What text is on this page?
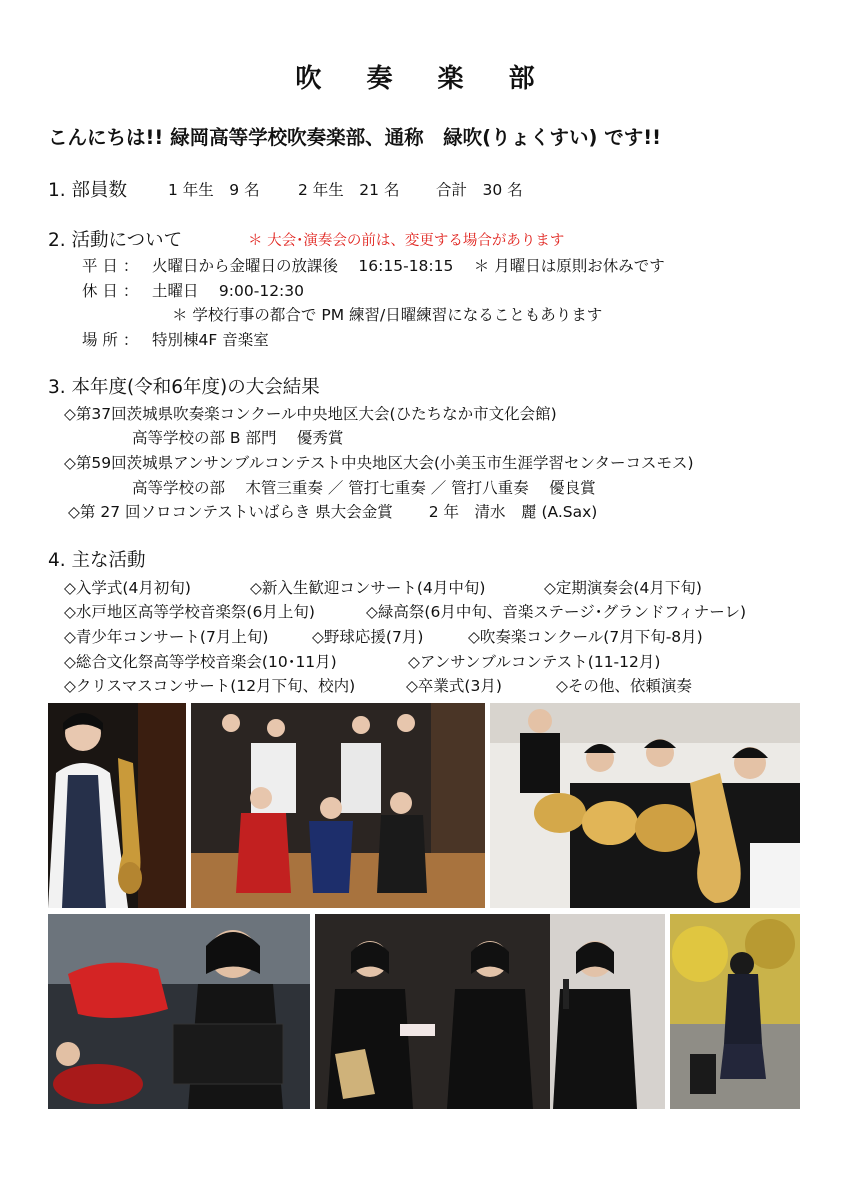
吹 奏 楽 部
こんにちは!! 緑岡高等学校吹奏楽部、通称　緑吹(りょくすい) です!!
1. 部員数	1 年生　9 名 2 年生　21 名 合計　30 名
2. 活動について	＊ 大会･演奏会の前は、変更する場合があります
平 日 ： 火曜日から金曜日の放課後　 16:15-18:15　 ＊ 月曜日は原則お休みです
休 日 ： 土曜日　 9:00-12:30
＊ 学校行事の都合で PM 練習/日曜練習になることもあります
場 所 ： 特別棟4F 音楽室
3. 本年度(令和6年度)の大会結果
◇第37回茨城県吹奏楽コンクール中央地区大会(ひたちなか市文化会館)
高等学校の部 B 部門　 優秀賞
◇第59回茨城県アンサンブルコンテスト中央地区大会(小美玉市生涯学習センターコスモス)
高等学校の部　 木管三重奏 ／ 管打七重奏 ／ 管打八重奏　 優良賞
◇第 27 回ソロコンテストいばらき 県大会金賞　　 2 年　清水　麗 (A.Sax)
4. 主な活動
◇入学式(4月初旬)	◇新入生歓迎コンサート(4月中旬)	◇定期演奏会(4月下旬)
◇水戸地区高等学校音楽祭(6月上旬)	◇緑高祭(6月中旬、音楽ステージ･グランドフィナーレ)
◇青少年コンサート(7月上旬)	◇野球応援(7月)	◇吹奏楽コンクール(7月下旬-8月)
◇総合文化祭高等学校音楽会(10･11月)	◇アンサンブルコンテスト(11-12月)
◇クリスマスコンサート(12月下旬、校内)	◇卒業式(3月)	◇その他、依頼演奏
